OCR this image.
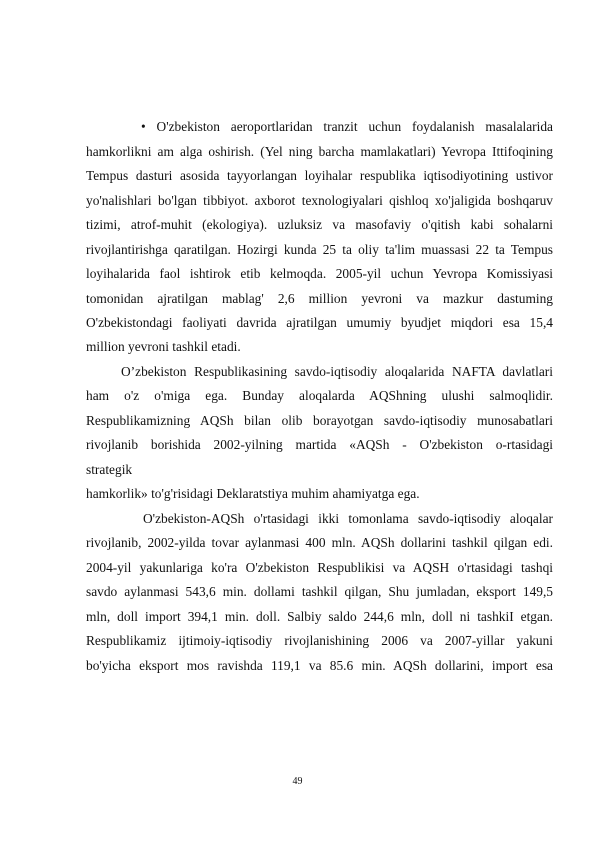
• O'zbekiston aeroportlaridan tranzit uchun foydalanish masalalarida
hamkorlikni am alga oshirish. (Yel ning barcha mamlakatlari) Yevropa Ittifoqining
Tempus dasturi asosida tayyorlangan loyihalar respublika iqtisodiyotining ustivor
yo'nalishlari bo'lgan tibbiyot. axborot texnologiyalari qishloq xo'jaligida boshqaruv
tizimi, atrof-muhit (ekologiya). uzluksiz va masofaviy o'qitish kabi sohalarni
rivojlantirishga qaratilgan. Hozirgi kunda 25 ta oliy ta'lim muassasi 22 ta Tempus
loyihalarida faol ishtirok etib kelmoqda. 2005-yil uchun Yevropa Komissiyasi
tomonidan ajratilgan mablag' 2,6 million yevroni va mazkur dastuming
O'zbekistondagi faoliyati davrida ajratilgan umumiy byudjet miqdori esa 15,4
million yevroni tashkil etadi.
O’zbekiston Respublikasining savdo-iqtisodiy aloqalarida NAFTA davlatlari
ham o'z o'miga ega. Bunday aloqalarda AQShning ulushi salmoqlidir.
Respublikamizning AQSh bilan olib borayotgan savdo-iqtisodiy munosabatlari
rivojlanib borishida 2002-yilning martida «AQSh - O'zbekiston o-rtasidagi
strategik
hamkorlik» to'g'risidagi Deklaratstiya muhim ahamiyatga ega.
O'zbekiston-AQSh o'rtasidagi ikki tomonlama savdo-iqtisodiy aloqalar
rivojlanib, 2002-yilda tovar aylanmasi 400 mln. AQSh dollarini tashkil qilgan edi.
2004-yil yakunlariga ko'ra O'zbekiston Respublikisi va AQSH o'rtasidagi tashqi
savdo aylanmasi 543,6 min. dollami tashkil qilgan, Shu jumladan, eksport 149,5
mln, doll import 394,1 min. doll. Salbiy saldo 244,6 mln, doll ni tashkiI etgan.
Respublikamiz ijtimoiy-iqtisodiy rivojlanishining 2006 va 2007-yillar yakuni
bo'yicha eksport mos ravishda 119,1 va 85.6 min. AQSh dollarini, import esa
49
